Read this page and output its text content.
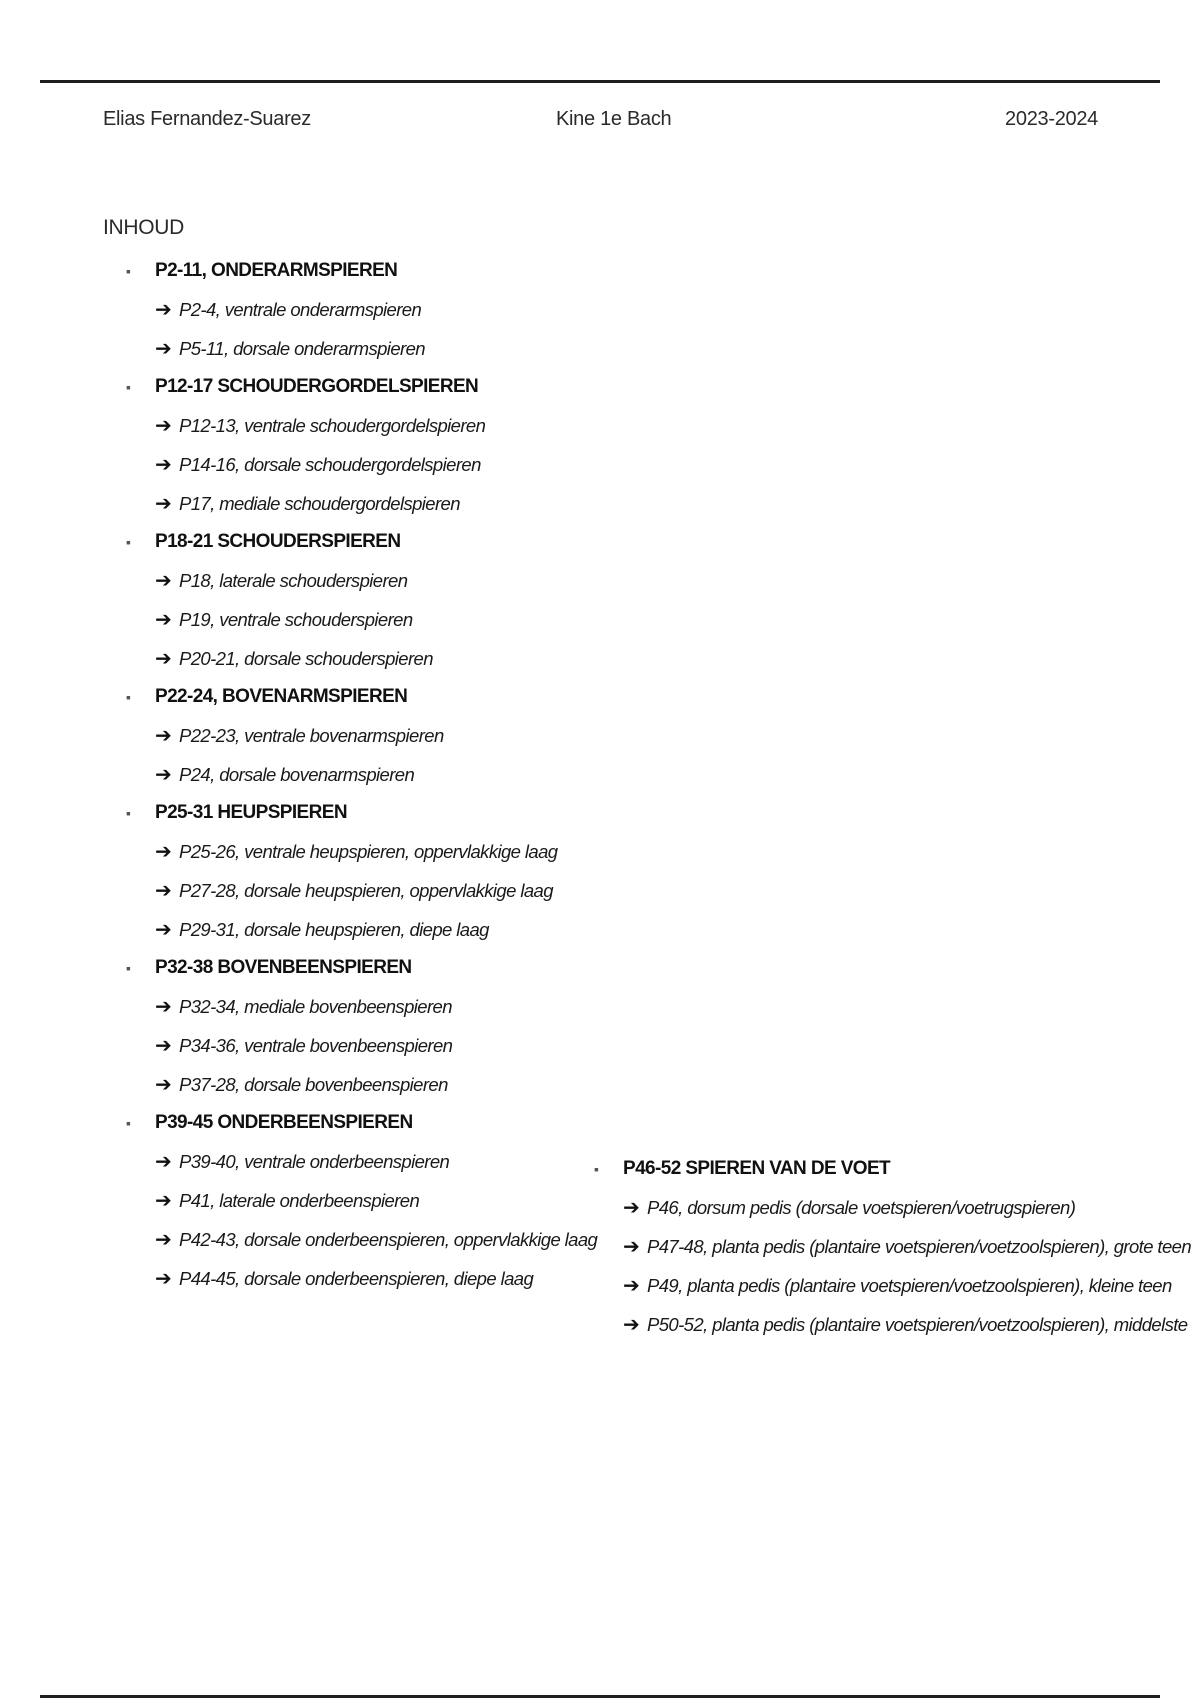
Elias Fernandez-Suarez	Kine 1e Bach	2023-2024
INHOUD
▪	P2-11, ONDERARMSPIEREN
➔ P2-4, ventrale onderarmspieren
➔ P5-11, dorsale onderarmspieren
▪	P12-17 SCHOUDERGORDELSPIEREN
➔ P12-13, ventrale schoudergordelspieren
➔ P14-16, dorsale schoudergordelspieren
➔ P17, mediale schoudergordelspieren
▪	P18-21 SCHOUDERSPIEREN
➔ P18, laterale schouderspieren
➔ P19, ventrale schouderspieren
➔ P20-21, dorsale schouderspieren
▪	P22-24, BOVENARMSPIEREN
➔ P22-23, ventrale bovenarmspieren
➔ P24, dorsale bovenarmspieren
▪	P25-31 HEUPSPIEREN
➔ P25-26, ventrale heupspieren, oppervlakkige laag
➔ P27-28, dorsale heupspieren, oppervlakkige laag
➔ P29-31, dorsale heupspieren, diepe laag
▪	P32-38 BOVENBEENSPIEREN
➔ P32-34, mediale bovenbeenspieren
➔ P34-36, ventrale bovenbeenspieren
➔ P37-28, dorsale bovenbeenspieren
▪	P39-45 ONDERBEENSPIEREN
➔ P39-40, ventrale onderbeenspieren
➔ P41, laterale onderbeenspieren
➔ P42-43, dorsale onderbeenspieren, oppervlakkige laag
➔ P44-45, dorsale onderbeenspieren, diepe laag
▪	P46-52 SPIEREN VAN DE VOET
➔ P46, dorsum pedis (dorsale voetspieren/voetrugspieren)
➔ P47-48, planta pedis (plantaire voetspieren/voetzoolspieren), grote teen
➔ P49, planta pedis (plantaire voetspieren/voetzoolspieren), kleine teen
➔ P50-52, planta pedis (plantaire voetspieren/voetzoolspieren), middelste
